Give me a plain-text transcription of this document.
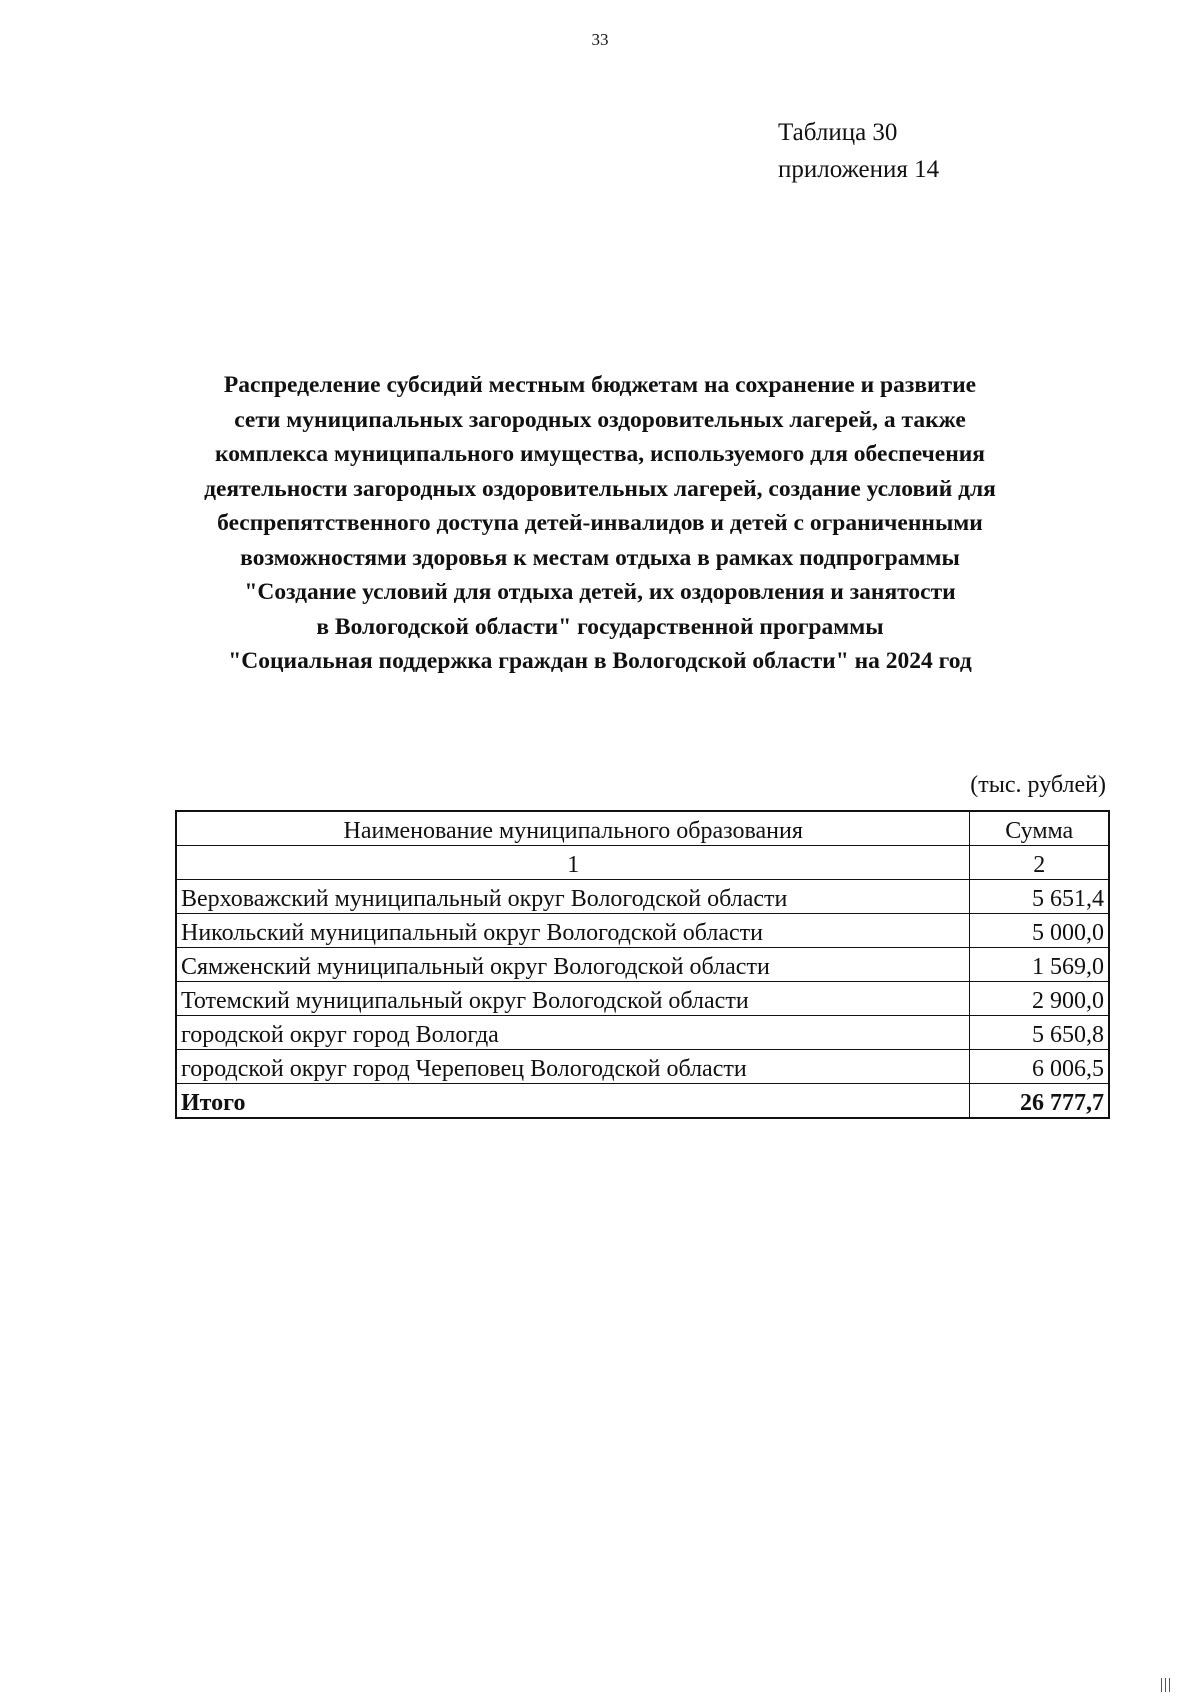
33
Таблица 30
приложения 14
Распределение субсидий местным бюджетам на сохранение и развитие
сети муниципальных загородных оздоровительных лагерей, а также
комплекса муниципального имущества, используемого для обеспечения
деятельности загородных оздоровительных лагерей, создание условий для
беспрепятственного доступа детей-инвалидов и детей с ограниченными
возможностями здоровья к местам отдыха в рамках подпрограммы
"Создание условий для отдыха детей, их оздоровления и занятости
в Вологодской области" государственной программы
"Социальная поддержка граждан в Вологодской области" на 2024 год
(тыс. рублей)
Наименование муниципального образования	Сумма
1	2
Верховажский муниципальный округ Вологодской области	5 651,4
Никольский муниципальный округ Вологодской области	5 000,0
Сямженский муниципальный округ Вологодской области	1 569,0
Тотемский муниципальный округ Вологодской области	2 900,0
городской округ город Вологда	5 650,8
городской округ город Череповец Вологодской области	6 006,5
Итого	26 777,7
